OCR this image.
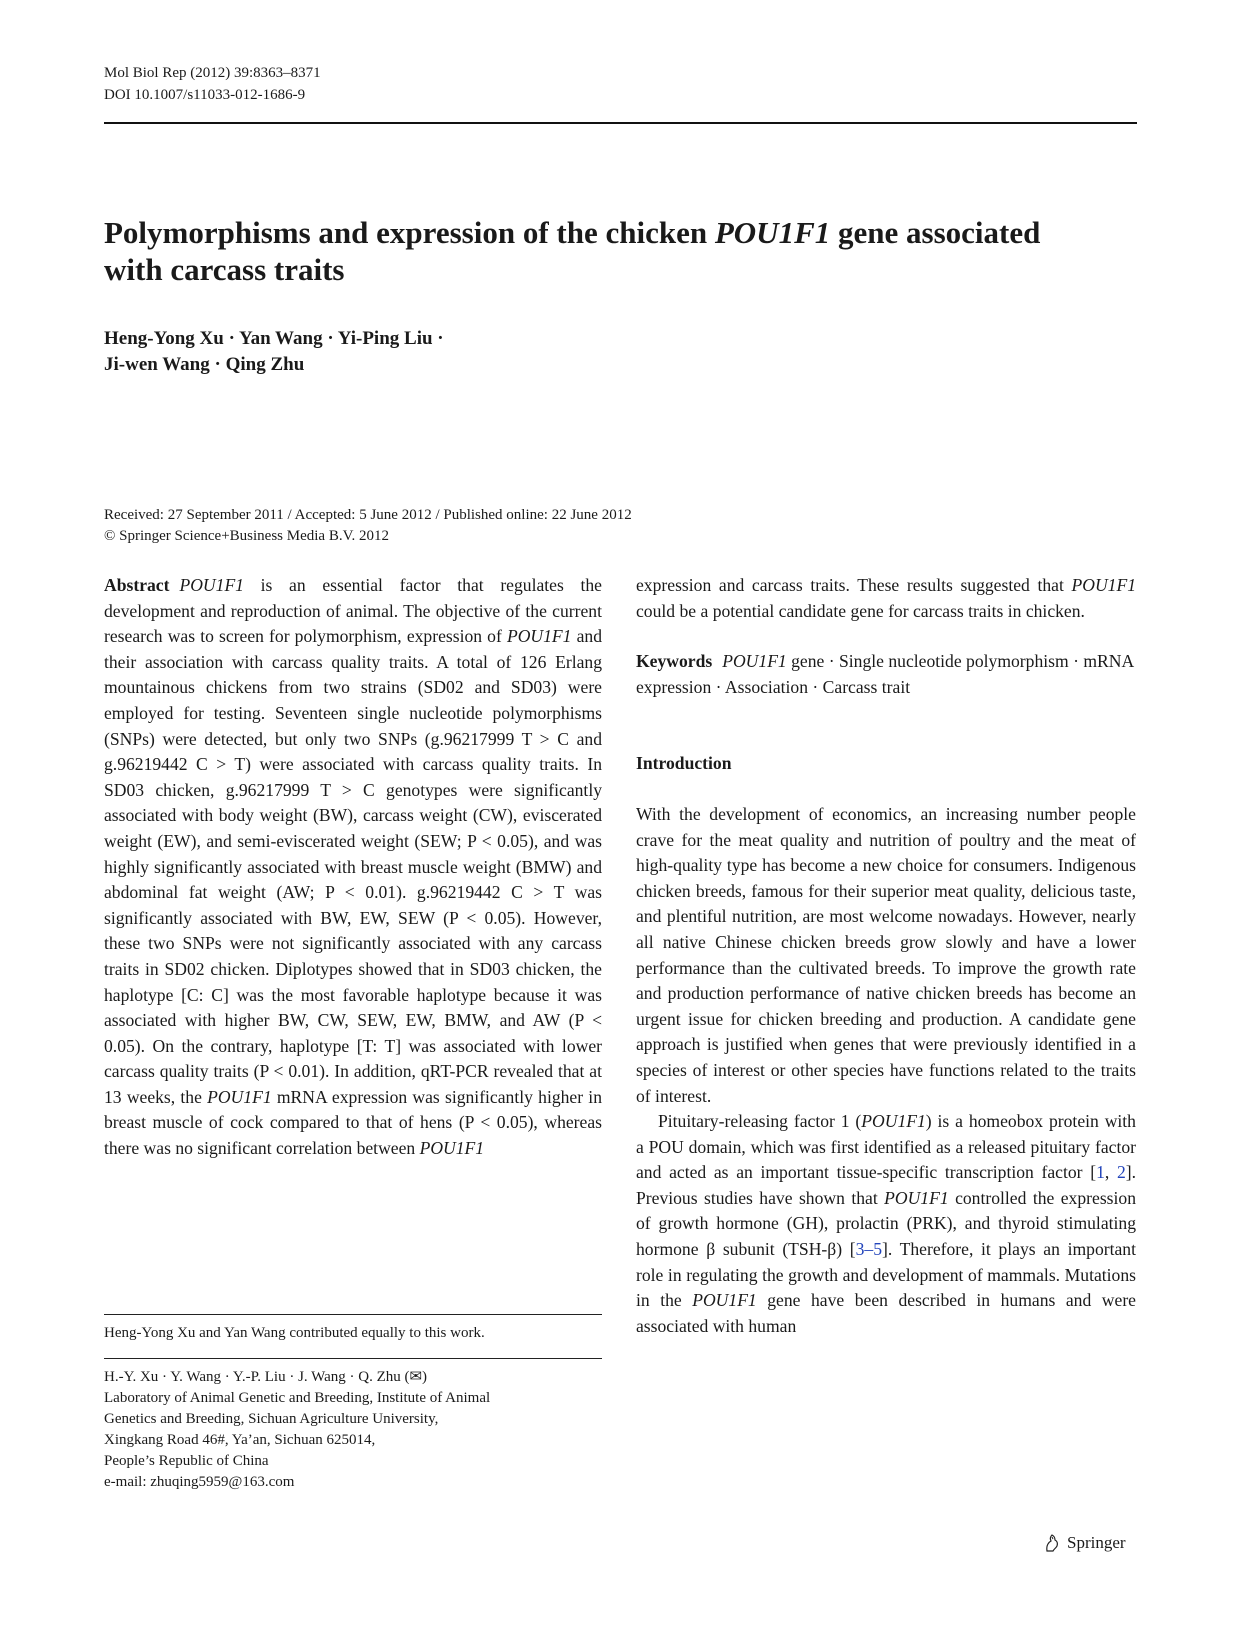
Mol Biol Rep (2012) 39:8363–8371
DOI 10.1007/s11033-012-1686-9
Polymorphisms and expression of the chicken POU1F1 gene associated with carcass traits
Heng-Yong Xu · Yan Wang · Yi-Ping Liu ·
Ji-wen Wang · Qing Zhu
Received: 27 September 2011 / Accepted: 5 June 2012 / Published online: 22 June 2012
© Springer Science+Business Media B.V. 2012

Abstract POU1F1 is an essential factor that regulates the development and reproduction of animal. The objective of the current research was to screen for polymorphism, expression of POU1F1 and their association with carcass quality traits. A total of 126 Erlang mountainous chickens from two strains (SD02 and SD03) were employed for testing. Seventeen single nucleotide polymorphisms (SNPs) were detected, but only two SNPs (g.96217999 T > C and g.96219442 C > T) were associated with carcass quality traits. In SD03 chicken, g.96217999 T > C genotypes were significantly associated with body weight (BW), carcass weight (CW), eviscerated weight (EW), and semi-eviscerated weight (SEW; P < 0.05), and was highly significantly associated with breast muscle weight (BMW) and abdominal fat weight (AW; P < 0.01). g.96219442 C > T was significantly associated with BW, EW, SEW (P < 0.05). However, these two SNPs were not significantly associated with any carcass traits in SD02 chicken. Diplotypes showed that in SD03 chicken, the haplotype [C: C] was the most favorable haplotype because it was associated with higher BW, CW, SEW, EW, BMW, and AW (P < 0.05). On the contrary, haplotype [T: T] was associated with lower carcass quality traits (P < 0.01). In addition, qRT-PCR revealed that at 13 weeks, the POU1F1 mRNA expression was significantly higher in breast muscle of cock compared to that of hens (P < 0.05), whereas there was no significant correlation between POU1F1

expression and carcass traits. These results suggested that POU1F1 could be a potential candidate gene for carcass traits in chicken.

Keywords POU1F1 gene · Single nucleotide polymorphism · mRNA expression · Association · Carcass trait

Introduction

With the development of economics, an increasing number people crave for the meat quality and nutrition of poultry and the meat of high-quality type has become a new choice for consumers. Indigenous chicken breeds, famous for their superior meat quality, delicious taste, and plentiful nutrition, are most welcome nowadays. However, nearly all native Chinese chicken breeds grow slowly and have a lower performance than the cultivated breeds. To improve the growth rate and production performance of native chicken breeds has become an urgent issue for chicken breeding and production. A candidate gene approach is justified when genes that were previously identified in a species of interest or other species have functions related to the traits of interest.

Pituitary-releasing factor 1 (POU1F1) is a homeobox protein with a POU domain, which was first identified as a released pituitary factor and acted as an important tissue-specific transcription factor [1, 2]. Previous studies have shown that POU1F1 controlled the expression of growth hormone (GH), prolactin (PRK), and thyroid stimulating hormone β subunit (TSH-β) [3–5]. Therefore, it plays an important role in regulating the growth and development of mammals. Mutations in the POU1F1 gene have been described in humans and were associated with human

Heng-Yong Xu and Yan Wang contributed equally to this work.
H.-Y. Xu · Y. Wang · Y.-P. Liu · J. Wang · Q. Zhu (✉)
Laboratory of Animal Genetic and Breeding, Institute of Animal
Genetics and Breeding, Sichuan Agriculture University,
Xingkang Road 46#, Ya’an, Sichuan 625014,
People’s Republic of China
e-mail: zhuqing5959@163.com
Springer
